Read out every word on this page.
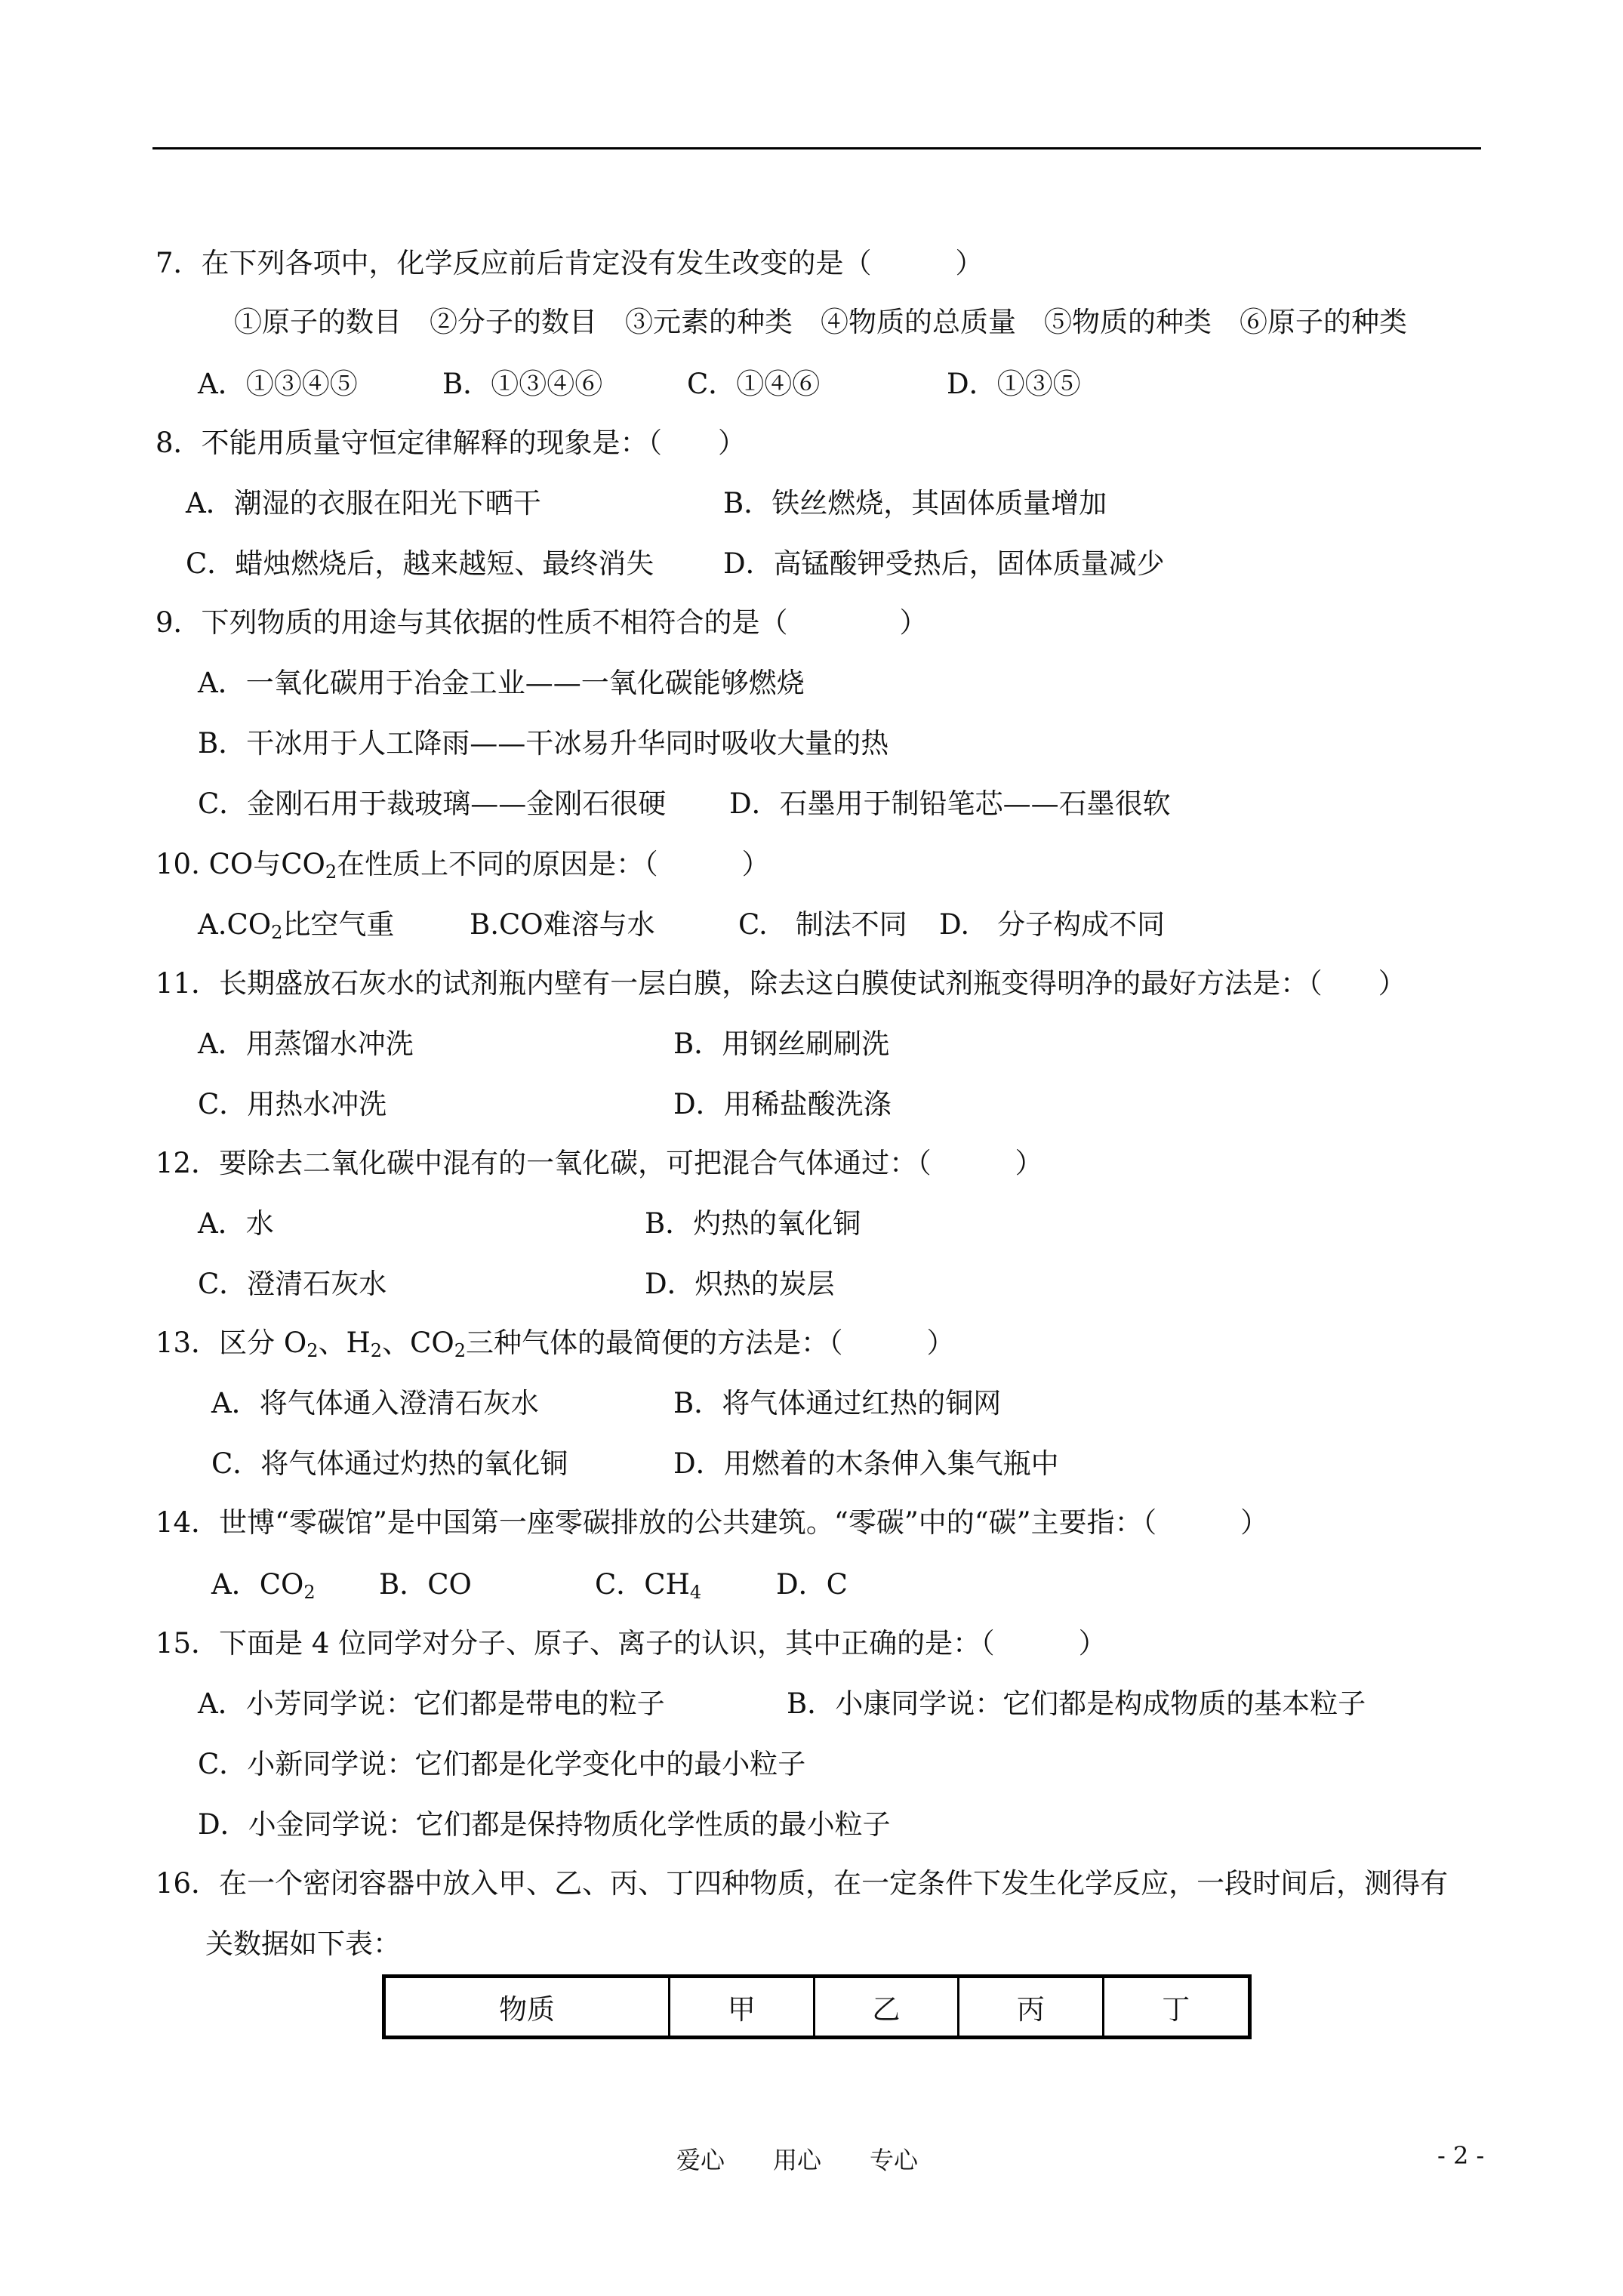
7．在下列各项中，化学反应前后肯定没有发生改变的是（　　　）
①原子的数目　②分子的数目　③元素的种类　④物质的总质量　⑤物质的种类　⑥原子的种类
A．①③④⑤	B．①③④⑥	C．①④⑥	D．①③⑤
8．不能用质量守恒定律解释的现象是：（　　）
A．潮湿的衣服在阳光下晒干	B．铁丝燃烧，其固体质量增加
C．蜡烛燃烧后，越来越短、最终消失 D．高锰酸钾受热后，固体质量减少
9．下列物质的用途与其依据的性质不相符合的是（　　　　）
A．一氧化碳用于冶金工业——一氧化碳能够燃烧
B．干冰用于人工降雨——干冰易升华同时吸收大量的热
C．金刚石用于裁玻璃——金刚石很硬 D．石墨用于制铅笔芯——石墨很软
10. CO与$CO_2$在性质上不同的原因是：（　　　）
$A.CO_2$比空气重	B.CO难溶与水	C.　制法不同 D.　分子构成不同
11．长期盛放石灰水的试剂瓶内壁有一层白膜，除去这白膜使试剂瓶变得明净的最好方法是：（　　）
A．用蒸馏水冲洗	B．用钢丝刷刷洗
C．用热水冲洗	D．用稀盐酸洗涤
12．要除去二氧化碳中混有的一氧化碳，可把混合气体通过：（　　　）
A．水	B．灼热的氧化铜
C．澄清石灰水	D．炽热的炭层
13．区分 $O_2$、$H_2$、$CO_2$三种气体的最简便的方法是：（　　　）
A．将气体通入澄清石灰水	B．将气体通过红热的铜网
C．将气体通过灼热的氧化铜	D．用燃着的木条伸入集气瓶中
14．世博“零碳馆”是中国第一座零碳排放的公共建筑。“零碳”中的“碳”主要指：（　　　）
A．$CO_2$ B．CO	C．$CH_4$	D．C
15．下面是 4 位同学对分子、原子、离子的认识，其中正确的是：（　　　）
A．小芳同学说：它们都是带电的粒子	B．小康同学说：它们都是构成物质的基本粒子
C．小新同学说：它们都是化学变化中的最小粒子
D．小金同学说：它们都是保持物质化学性质的最小粒子
16．在一个密闭容器中放入甲、乙、丙、丁四种物质，在一定条件下发生化学反应，一段时间后，测得有
关数据如下表：
物质	甲	乙	丙	丁
爱心　　用心　　专心	- 2 -
